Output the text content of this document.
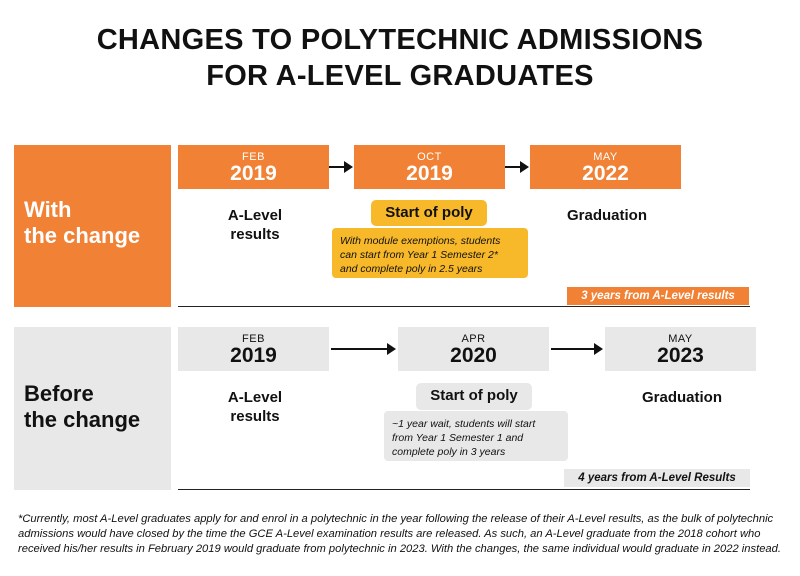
CHANGES TO POLYTECHNIC ADMISSIONS
FOR A-LEVEL GRADUATES
With
the change
FEB
2019
OCT
2019
MAY
2022
A-Level
results
Start of poly	Graduation
With module exemptions, students
can start from Year 1 Semester 2*
and complete poly in 2.5 years
3 years from A-Level results
Before
the change
FEB
2019
APR
2020
MAY
2023
A-Level
results
Start of poly	Graduation
~1 year wait, students will start
from Year 1 Semester 1 and
complete poly in 3 years
4 years from A-Level Results
*Currently, most A-Level graduates apply for and enrol in a polytechnic in the year following the release of their A-Level results, as the bulk of polytechnic admissions would have closed by the time the GCE A-Level examination results are released. As such, an A-Level graduate from the 2018 cohort who received his/her results in February 2019 would graduate from polytechnic in 2023. With the changes, the same individual would graduate in 2022 instead.
